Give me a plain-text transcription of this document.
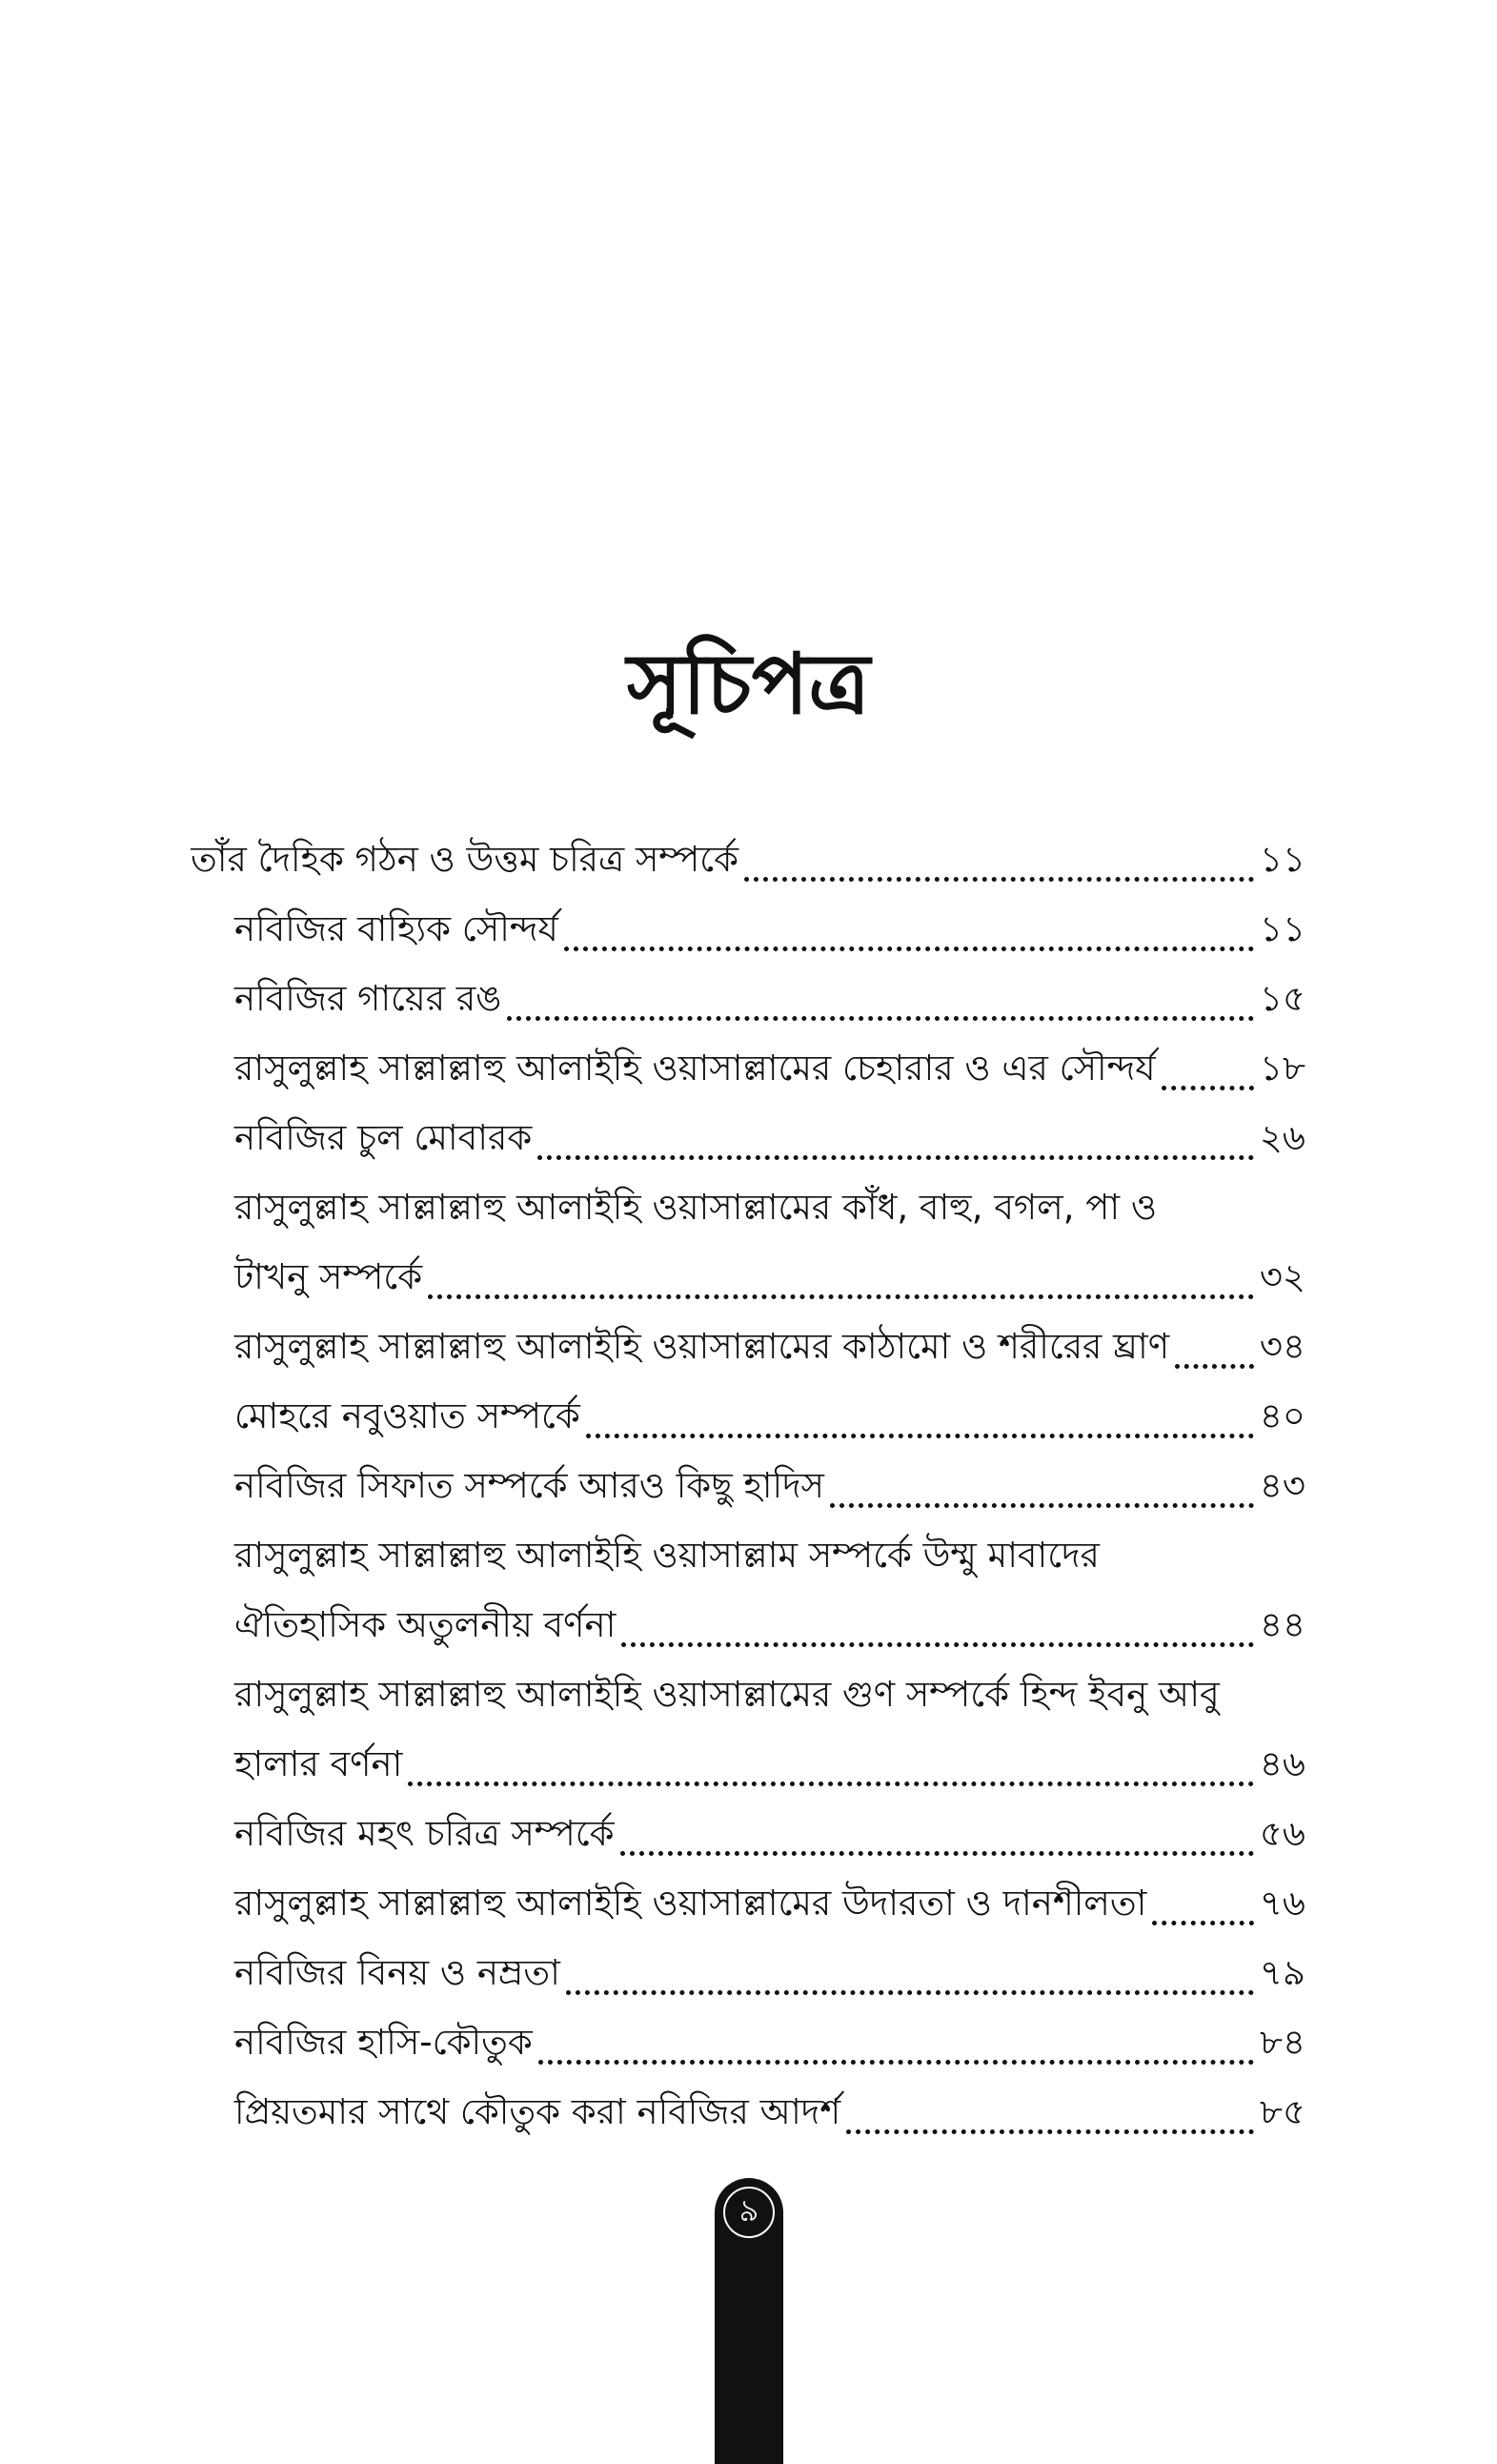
সূচিপত্র
তাঁর দৈহিক গঠন ও উত্তম চরিত্র সম্পর্কে	১১
নবিজির বাহ্যিক সৌন্দর্য	১১
নবিজির গায়ের রঙ	১৫
রাসুলুল্লাহ সাল্লাল্লাহু আলাইহি ওয়াসাল্লামের চেহারার ও এর সৌন্দর্য	১৮
নবিজির চুল মোবারক	২৬
রাসুলুল্লাহ সাল্লাল্লাহু আলাইহি ওয়াসাল্লামের কাঁধ, বাহু, বগল, পা ও
টাখনু সম্পর্কে	৩২
রাসুলুল্লাহ সাল্লাল্লাহু আলাইহি ওয়াসাল্লামের কাঠামো ও শরীরের ঘ্রাণ	৩৪
মোহরে নবুওয়াত সম্পর্কে	৪০
নবিজির সিফাত সম্পর্কে আরও কিছু হাদিস	৪৩
রাসুলুল্লাহ সাল্লাল্লাহু আলাইহি ওয়াসাল্লাম সম্পর্কে উম্মু মাবাদের
ঐতিহাসিক অতুলনীয় বর্ণনা	৪৪
রাসুলুল্লাহ সাল্লাল্লাহু আলাইহি ওয়াসাল্লামের গুণ সম্পর্কে হিন্দ ইবনু আবু
হালার বর্ণনা	৪৬
নবিজির মহৎ চরিত্র সম্পর্কে	৫৬
রাসুলুল্লাহ সাল্লাল্লাহু আলাইহি ওয়াসাল্লামের উদারতা ও দানশীলতা	৭৬
নবিজির বিনয় ও নম্রতা	৭৯
নবিজির হাসি-কৌতুক	৮৪
প্রিয়তমার সাথে কৌতুক করা নবিজির আদর্শ	৮৫
৯
